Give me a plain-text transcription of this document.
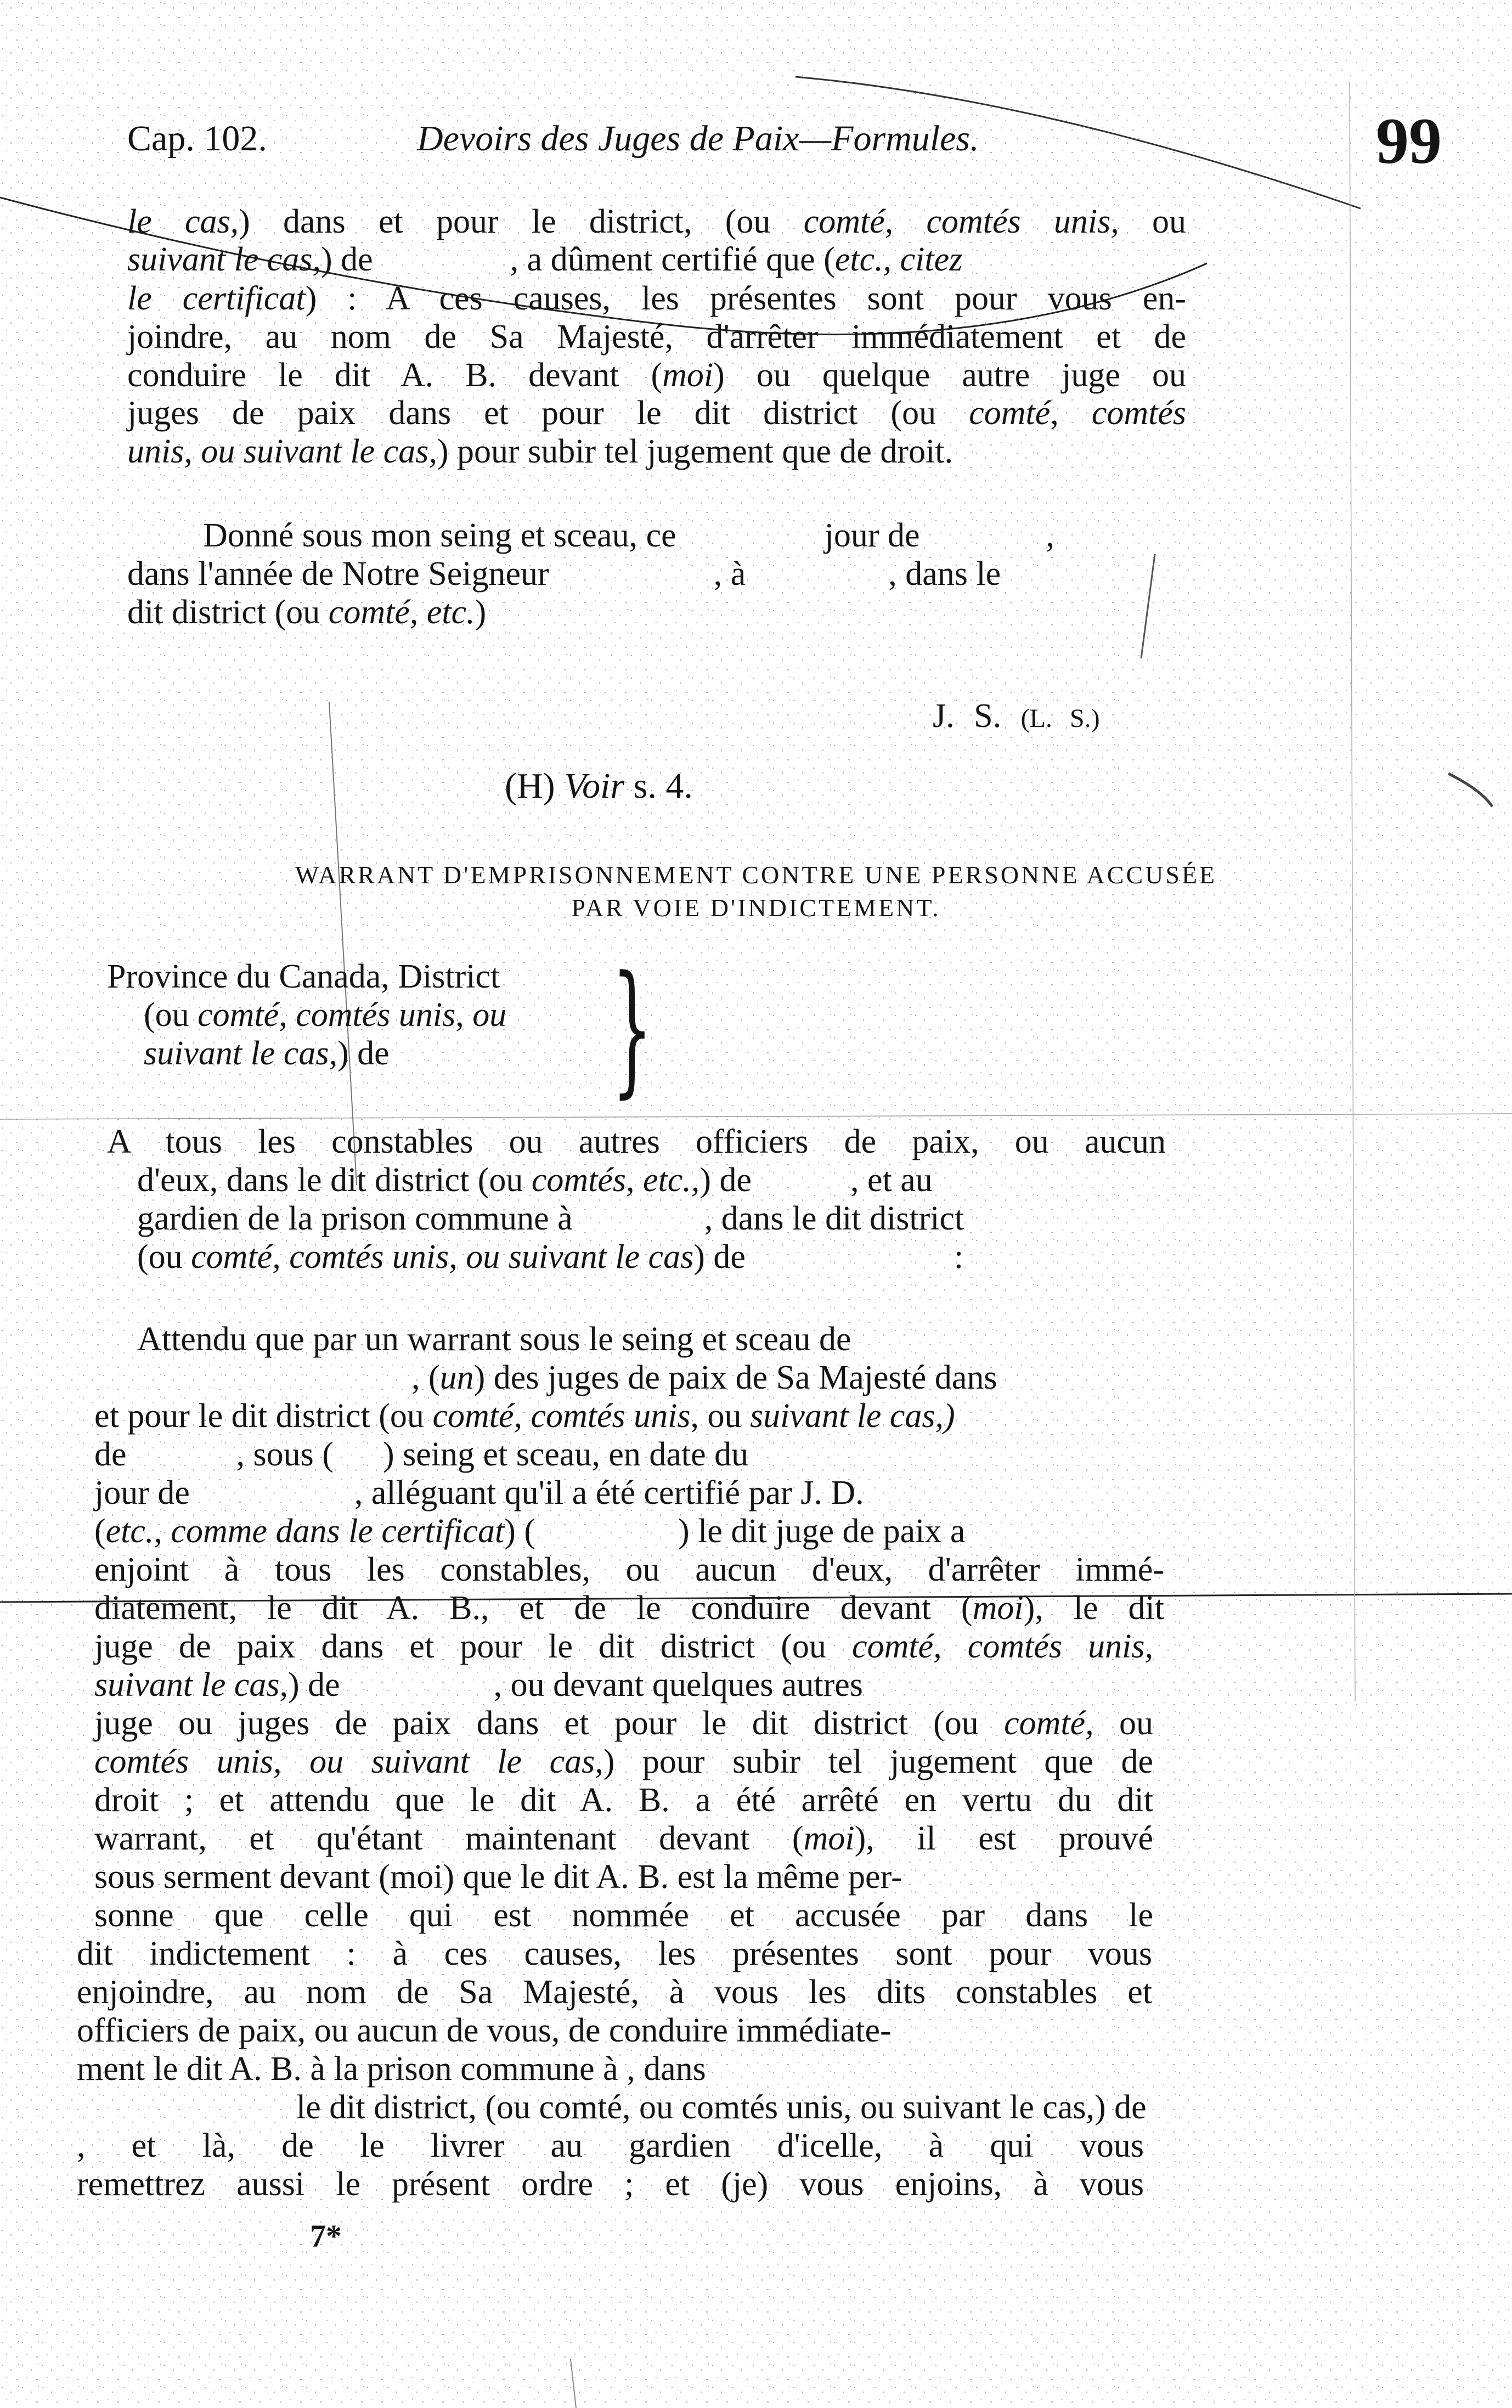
Cap. 102.	Devoirs des Juges de Paix—Formules.	99
le cas,) dans et pour le district, (ou comté, comtés unis, ou
suivant le cas,) de	, a dûment certifié que (etc., citez
le certificat) : A ces causes, les présentes sont pour vous en-
joindre, au nom de Sa Majesté, d'arrêter immédiatement et de
conduire le dit A. B. devant (moi) ou quelque autre juge ou
juges de paix dans et pour le dit district (ou comté, comtés
unis, ou suivant le cas,) pour subir tel jugement que de droit.
Donné sous mon seing et sceau, ce	jour de	,
dans l'année de Notre Seigneur	, à	, dans le
dit district (ou comté, etc.)
J. S. (L. S.)
(H) Voir s. 4.
WARRANT D'EMPRISONNEMENT CONTRE UNE PERSONNE ACCUSÉE
PAR VOIE D'INDICTEMENT.
Province du Canada, District
(ou comté, comtés unis, ou
suivant le cas,) de }
A tous les constables ou autres officiers de paix, ou aucun
d'eux, dans le dit district (ou comtés, etc.,) de	, et au
gardien de la prison commune à	, dans le dit district
(ou comté, comtés unis, ou suivant le cas) de	:
Attendu que par un warrant sous le seing et sceau de
, (un) des juges de paix de Sa Majesté dans
et pour le dit district (ou comté, comtés unis, ou suivant le cas,)
de	, sous ( ) seing et sceau, en date du
jour de	, alléguant qu'il a été certifié par J. D.
(etc., comme dans le certificat) (	) le dit juge de paix a
enjoint à tous les constables, ou aucun d'eux, d'arrêter immé-
diatement, le dit A. B., et de le conduire devant (moi), le dit
juge de paix dans et pour le dit district (ou comté, comtés unis,
suivant le cas,) de	, ou devant quelques autres
juge ou juges de paix dans et pour le dit district (ou comté, ou
comtés unis, ou suivant le cas,) pour subir tel jugement que de
droit ; et attendu que le dit A. B. a été arrêté en vertu du dit
warrant, et qu'étant maintenant devant (moi), il est prouvé
sous serment devant (moi) que le dit A. B. est la même per-
sonne que celle qui est nommée et accusée par dans le
dit indictement : à ces causes, les présentes sont pour vous
enjoindre, au nom de Sa Majesté, à vous les dits constables et
officiers de paix, ou aucun de vous, de conduire immédiate-
ment le dit A. B. à la prison commune à , dans
le dit district, (ou comté, ou comtés unis, ou suivant le cas,) de
, et là, de le livrer au gardien d'icelle, à qui vous
remettrez aussi le présent ordre ; et (je) vous enjoins, à vous
7*
